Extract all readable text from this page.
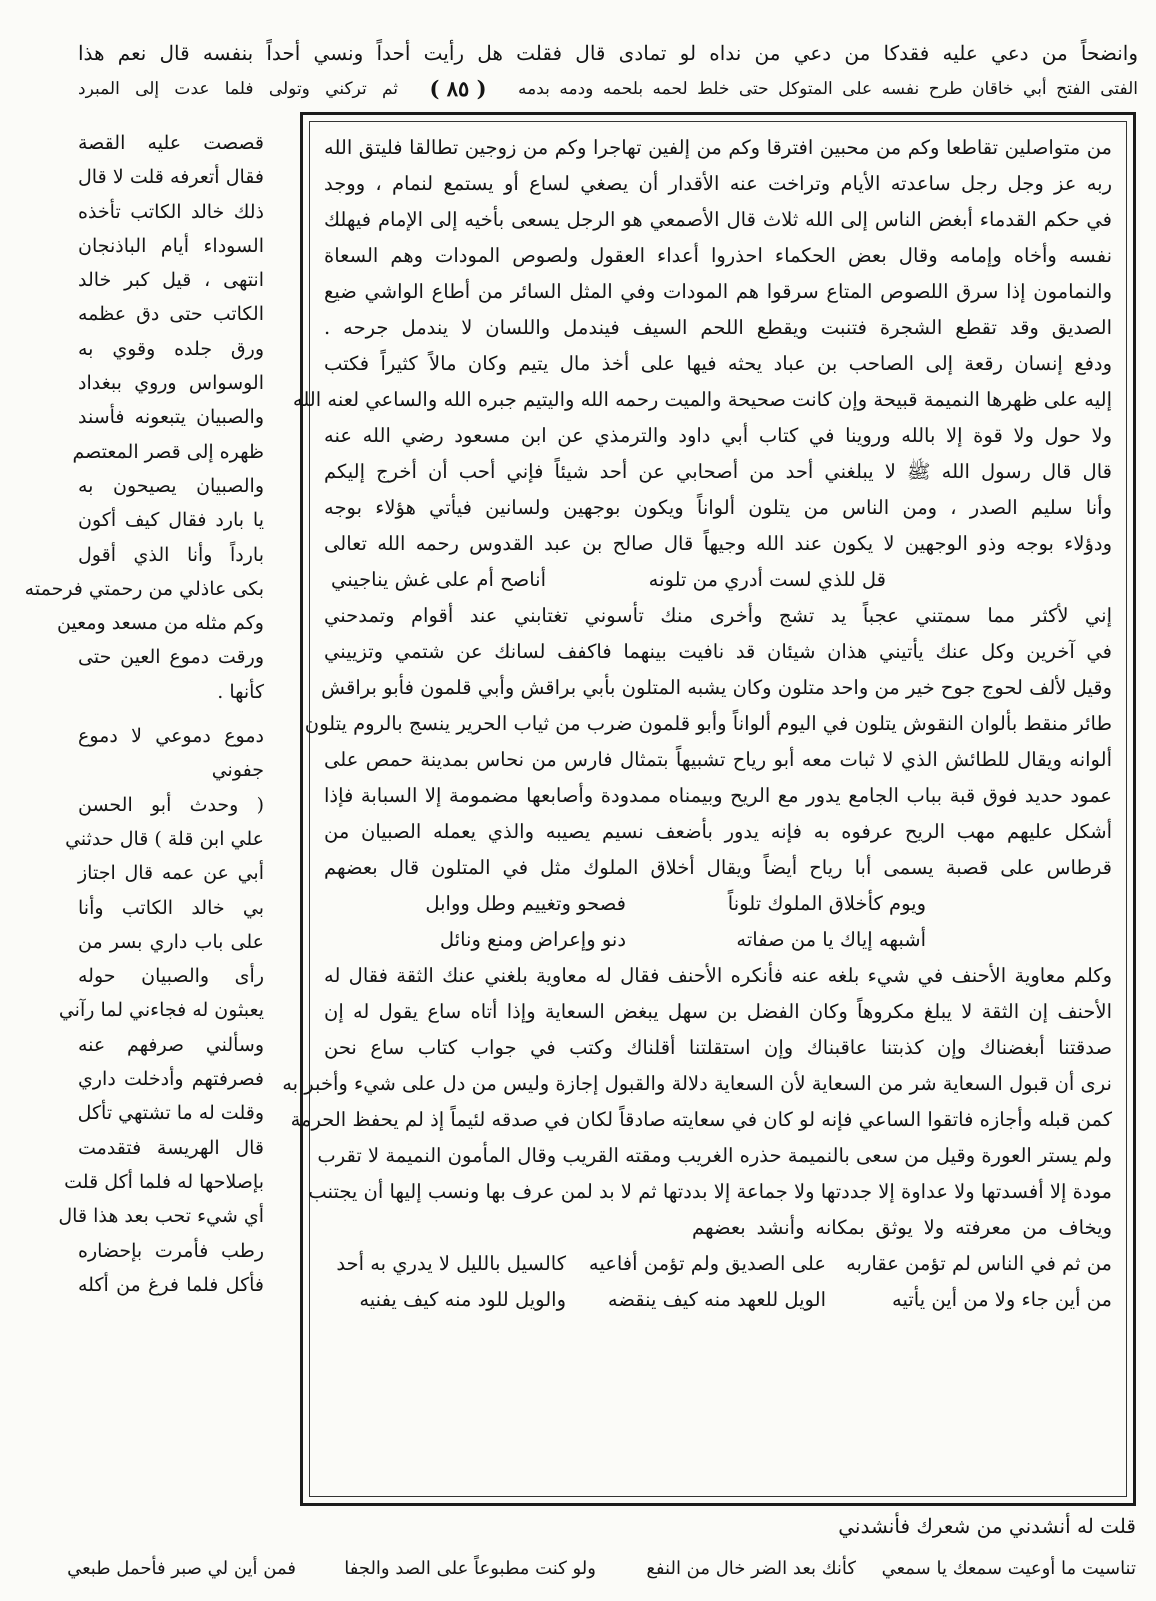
وانضحاً من دعي عليه فقدكا من دعي من نداه لو تمادى قال فقلت هل رأيت أحداً ونسي أحداً بنفسه قال نعم هذا
الفتى الفتح أبي خاقان طرح نفسه على المتوكل حتى خلط لحمه بلحمه ودمه بدمه
( ٨٥ )
ثم تركني وتولى فلما عدت إلى المبرد
من متواصلين تقاطعا وكم من محبين افترقا وكم من إلفين تهاجرا وكم من زوجين تطالقا فليتق الله
ربه عز وجل رجل ساعدته الأيام وتراخت عنه الأقدار أن يصغي لساع أو يستمع لنمام ، ووجد
في حكم القدماء أبغض الناس إلى الله ثلاث قال الأصمعي هو الرجل يسعى بأخيه إلى الإمام فيهلك
نفسه وأخاه وإمامه وقال بعض الحكماء احذروا أعداء العقول ولصوص المودات وهم السعاة
والنمامون إذا سرق اللصوص المتاع سرقوا هم المودات وفي المثل السائر من أطاع الواشي ضيع
الصديق وقد تقطع الشجرة فتنبت ويقطع اللحم السيف فيندمل واللسان لا يندمل جرحه .
ودفع إنسان رقعة إلى الصاحب بن عباد يحثه فيها على أخذ مال يتيم وكان مالاً كثيراً فكتب
إليه على ظهرها النميمة قبيحة وإن كانت صحيحة والميت رحمه الله واليتيم جبره الله والساعي لعنه الله
ولا حول ولا قوة إلا بالله وروينا في كتاب أبي داود والترمذي عن ابن مسعود رضي الله عنه
قال قال رسول الله ﷺ لا يبلغني أحد من أصحابي عن أحد شيئاً فإني أحب أن أخرج إليكم
وأنا سليم الصدر ، ومن الناس من يتلون ألواناً ويكون بوجهين ولسانين فيأتي هؤلاء بوجه
ودؤلاء بوجه وذو الوجهين لا يكون عند الله وجيهاً قال صالح بن عبد القدوس رحمه الله تعالى
قل للذي لست أدري من تلونه
أناصح أم على غش يناجيني
إني لأكثر مما سمتني عجباً يد تشج وأخرى منك تأسوني تغتابني عند أقوام وتمدحني
في آخرين وكل عنك يأتيني هذان شيئان قد نافيت بينهما فاكفف لسانك عن شتمي وتزييني
وقيل لألف لحوج جوح خير من واحد متلون وكان يشبه المتلون بأبي براقش وأبي قلمون فأبو براقش
طائر منقط بألوان النقوش يتلون في اليوم ألواناً وأبو قلمون ضرب من ثياب الحرير ينسج بالروم يتلون
ألوانه ويقال للطائش الذي لا ثبات معه أبو رياح تشبيهاً بتمثال فارس من نحاس بمدينة حمص على
عمود حديد فوق قبة بباب الجامع يدور مع الريح وبيمناه ممدودة وأصابعها مضمومة إلا السبابة فإذا
أشكل عليهم مهب الريح عرفوه به فإنه يدور بأضعف نسيم يصيبه والذي يعمله الصبيان من
قرطاس على قصبة يسمى أبا رياح أيضاً ويقال أخلاق الملوك مثل في المتلون قال بعضهم
ويوم كأخلاق الملوك تلوناً
فصحو وتغييم وطل ووابل
أشبهه إياك يا من صفاته
دنو وإعراض ومنع ونائل
وكلم معاوية الأحنف في شيء بلغه عنه فأنكره الأحنف فقال له معاوية بلغني عنك الثقة فقال له
الأحنف إن الثقة لا يبلغ مكروهاً وكان الفضل بن سهل يبغض السعاية وإذا أتاه ساع يقول له إن
صدقتنا أبغضناك وإن كذبتنا عاقبناك وإن استقلتنا أقلناك وكتب في جواب كتاب ساع نحن
نرى أن قبول السعاية شر من السعاية لأن السعاية دلالة والقبول إجازة وليس من دل على شيء وأخبر به
كمن قبله وأجازه فاتقوا الساعي فإنه لو كان في سعايته صادقاً لكان في صدقه لئيماً إذ لم يحفظ الحرمة
ولم يستر العورة وقيل من سعى بالنميمة حذره الغريب ومقته القريب وقال المأمون النميمة لا تقرب
مودة إلا أفسدتها ولا عداوة إلا جددتها ولا جماعة إلا بددتها ثم لا بد لمن عرف بها ونسب إليها أن يجتنب
ويخاف من معرفته ولا يوثق بمكانه وأنشد بعضهم
من ثم في الناس لم تؤمن عقاربه
على الصديق ولم تؤمن أفاعيه
كالسيل بالليل لا يدري به أحد
من أين جاء ولا من أين يأتيه
الويل للعهد منه كيف ينقضه
والويل للود منه كيف يفنيه
قصصت عليه القصة
فقال أتعرفه قلت لا قال
ذلك خالد الكاتب تأخذه
السوداء أيام الباذنجان
انتهى ، قيل كبر خالد
الكاتب حتى دق عظمه
ورق جلده وقوي به
الوسواس وروي ببغداد
والصبيان يتبعونه فأسند
ظهره إلى قصر المعتصم
والصبيان يصيحون به
يا بارد فقال كيف أكون
بارداً وأنا الذي أقول
بكى عاذلي من رحمتي فرحمته
وكم مثله من مسعد ومعين
ورقت دموع العين حتى
كأنها .
دموع دموعي لا دموع
جفوني
( وحدث أبو الحسن
علي ابن قلة ) قال حدثني
أبي عن عمه قال اجتاز
بي خالد الكاتب وأنا
على باب داري بسر من
رأى والصبيان حوله
يعبثون له فجاءني لما رآني
وسألني صرفهم عنه
فصرفتهم وأدخلت داري
وقلت له ما تشتهي تأكل
قال الهريسة فتقدمت
بإصلاحها له فلما أكل قلت
أي شيء تحب بعد هذا قال
رطب فأمرت بإحضاره
فأكل فلما فرغ من أكله
قلت له أنشدني من شعرك فأنشدني
تناسيت ما أوعيت سمعك يا سمعي
كأنك بعد الضر خال من النفع
ولو كنت مطبوعاً على الصد والجفا
فمن أين لي صبر فأحمل طبعي
